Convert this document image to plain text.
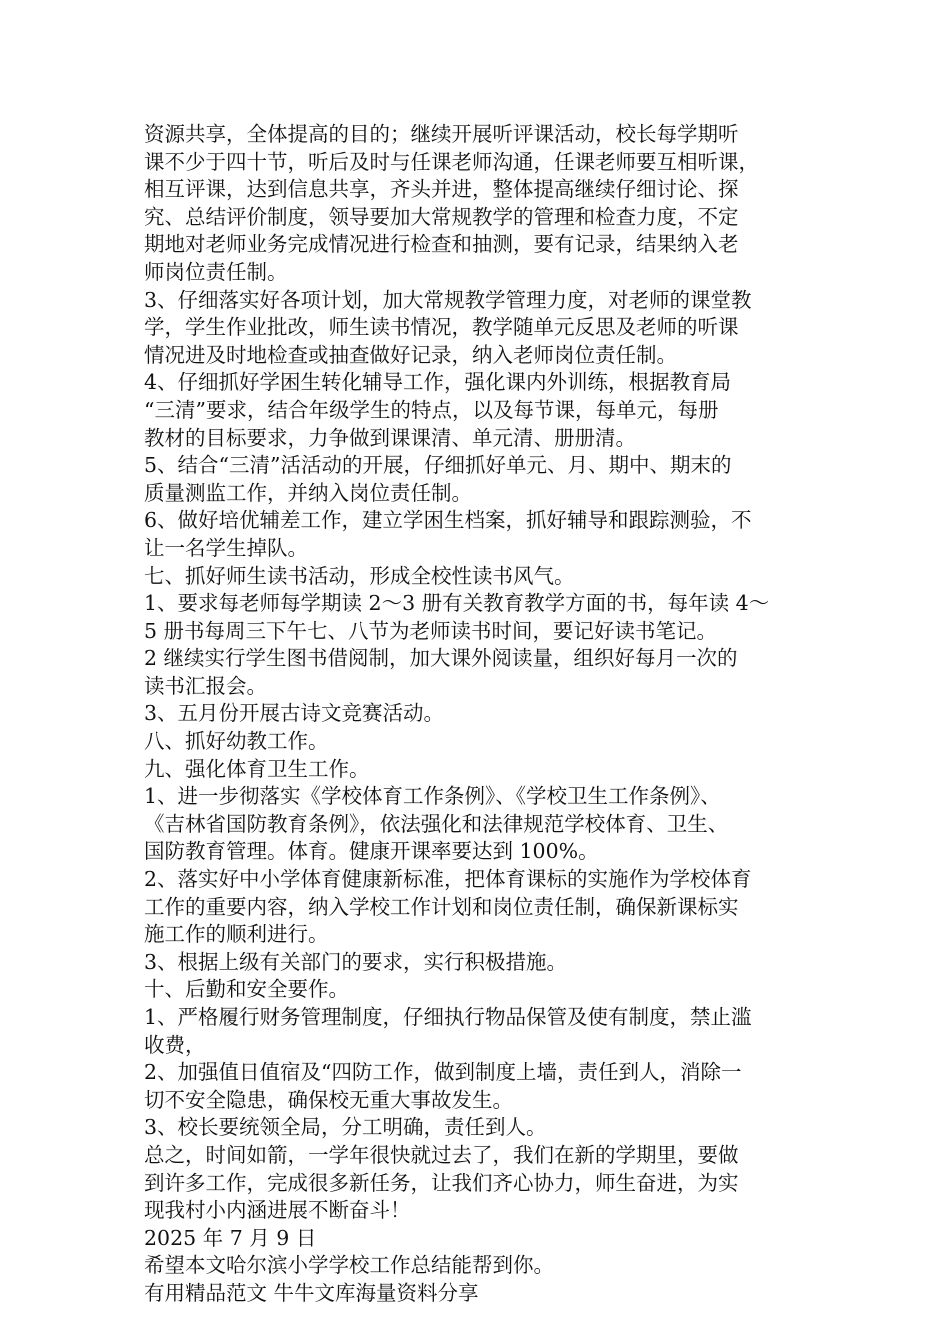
资源共享，全体提高的目的；继续开展听评课活动，校长每学期听
课不少于四十节，听后及时与任课老师沟通，任课老师要互相听课，
相互评课，达到信息共享，齐头并进，整体提高继续仔细讨论、探
究、总结评价制度，领导要加大常规教学的管理和检查力度，不定
期地对老师业务完成情况进行检查和抽测，要有记录，结果纳入老
师岗位责任制。
3、仔细落实好各项计划，加大常规教学管理力度，对老师的课堂教
学，学生作业批改，师生读书情况，教学随单元反思及老师的听课
情况进及时地检查或抽查做好记录，纳入老师岗位责任制。
4、仔细抓好学困生转化辅导工作，强化课内外训练，根据教育局
“三清”要求，结合年级学生的特点，以及每节课，每单元，每册
教材的目标要求，力争做到课课清、单元清、册册清。
5、结合“三清”活活动的开展，仔细抓好单元、月、期中、期末的
质量测监工作，并纳入岗位责任制。
6、做好培优辅差工作，建立学困生档案，抓好辅导和跟踪测验，不
让一名学生掉队。
七、抓好师生读书活动，形成全校性读书风气。
1、要求每老师每学期读 2～3 册有关教育教学方面的书，每年读 4～
5 册书每周三下午七、八节为老师读书时间，要记好读书笔记。
2 继续实行学生图书借阅制，加大课外阅读量，组织好每月一次的
读书汇报会。
3、五月份开展古诗文竞赛活动。
八、抓好幼教工作。
九、强化体育卫生工作。
1、进一步彻落实《学校体育工作条例》、《学校卫生工作条例》、
《吉林省国防教育条例》，依法强化和法律规范学校体育、卫生、
国防教育管理。体育。健康开课率要达到 100%。
2、落实好中小学体育健康新标准，把体育课标的实施作为学校体育
工作的重要内容，纳入学校工作计划和岗位责任制，确保新课标实
施工作的顺利进行。
3、根据上级有关部门的要求，实行积极措施。
十、后勤和安全要作。
1、严格履行财务管理制度，仔细执行物品保管及使有制度，禁止滥
收费，
2、加强值日值宿及“四防工作，做到制度上墙，责任到人，消除一
切不安全隐患，确保校无重大事故发生。
3、校长要统领全局，分工明确，责任到人。
总之，时间如箭，一学年很快就过去了，我们在新的学期里，要做
到许多工作，完成很多新任务，让我们齐心协力，师生奋进，为实
现我村小内涵进展不断奋斗！
2025 年 7 月 9 日
希望本文哈尔滨小学学校工作总结能帮到你。
有用精品范文 牛牛文库海量资料分享
